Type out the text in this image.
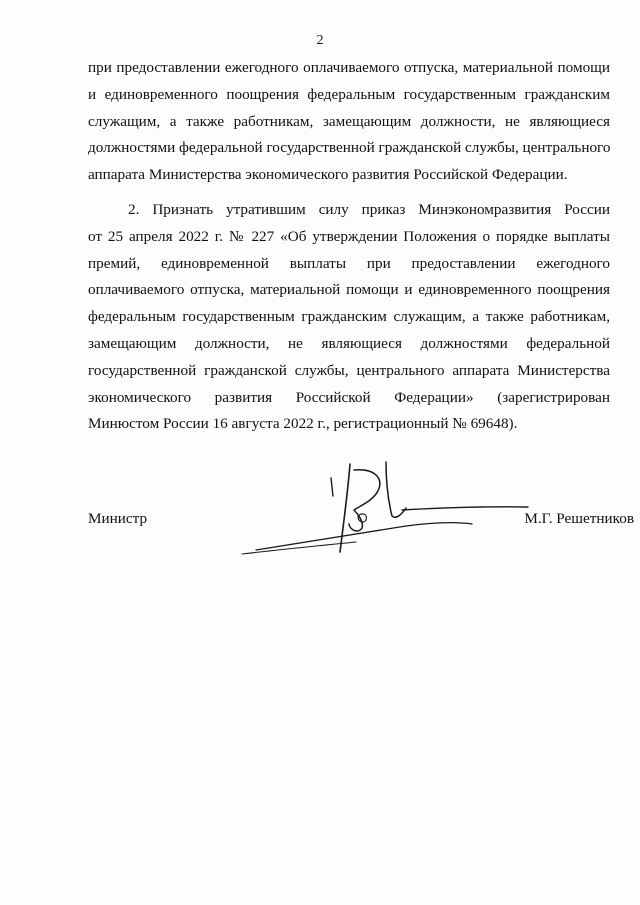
2

при предоставлении ежегодного оплачиваемого отпуска, материальной помощи
и единовременного поощрения федеральным государственным гражданским
служащим, а также работникам, замещающим должности, не являющиеся
должностями федеральной государственной гражданской службы, центрального
аппарата Министерства экономического развития Российской Федерации.

2. Признать утратившим силу приказ Минэкономразвития России
от 25 апреля 2022 г. № 227 «Об утверждении Положения о порядке выплаты
премий, единовременной выплаты при предоставлении ежегодного
оплачиваемого отпуска, материальной помощи и единовременного поощрения
федеральным государственным гражданским служащим, а также работникам,
замещающим должности, не являющиеся должностями федеральной
государственной гражданской службы, центрального аппарата Министерства
экономического развития Российской Федерации» (зарегистрирован
Минюстом России 16 августа 2022 г., регистрационный № 69648).

Министр	М.Г. Решетников
